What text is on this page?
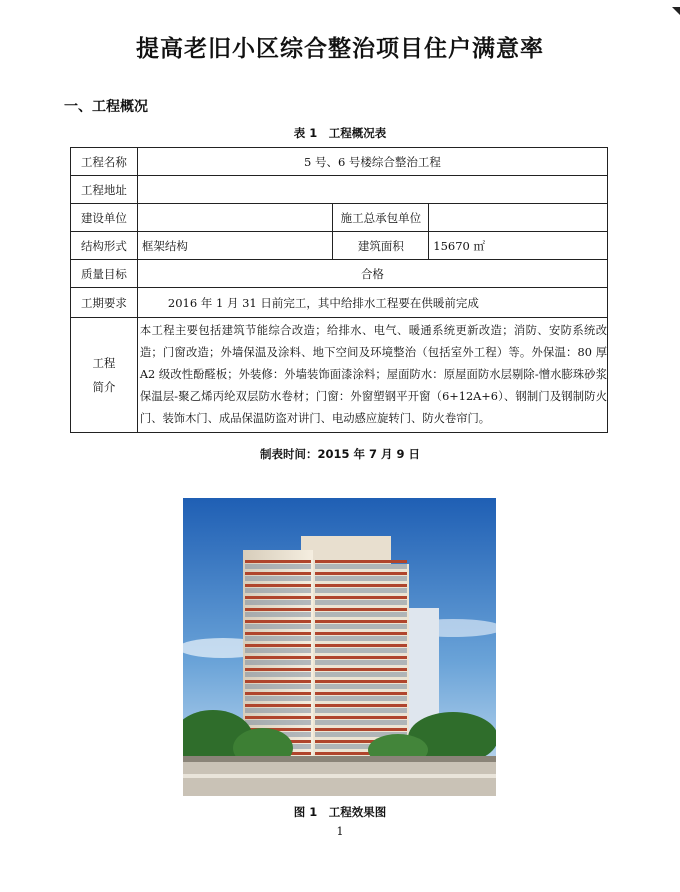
提高老旧小区综合整治项目住户满意率
一、工程概况
表 1　工程概况表
工程名称	5 号、6 号楼综合整治工程		
工程地址			
建设单位		施工总承包单位	
结构形式	框架结构	建筑面积	15670 ㎡
质量目标	合格		
工期要求	2016 年 1 月 31 日前完工，其中给排水工程要在供暖前完成		

工程
简介	本工程主要包括建筑节能综合改造；给排水、电气、暖通系统更新改造；消防、安防系统改造；门窗改造；外墙保温及涂料、地下空间及环境整治（包括室外工程）等。外保温：80 厚 A2 级改性酚醛板；外装修：外墙装饰面漆涂料；屋面防水：原屋面防水层剔除-憎水膨珠砂浆保温层-聚乙烯丙纶双层防水卷材；门窗：外窗塑钢平开窗（6+12A+6）、钢制门及钢制防火门、装饰木门、成品保温防盗对讲门、电动感应旋转门、防火卷帘门。		
制表时间：2015 年 7 月 9 日
图 1　工程效果图
1
